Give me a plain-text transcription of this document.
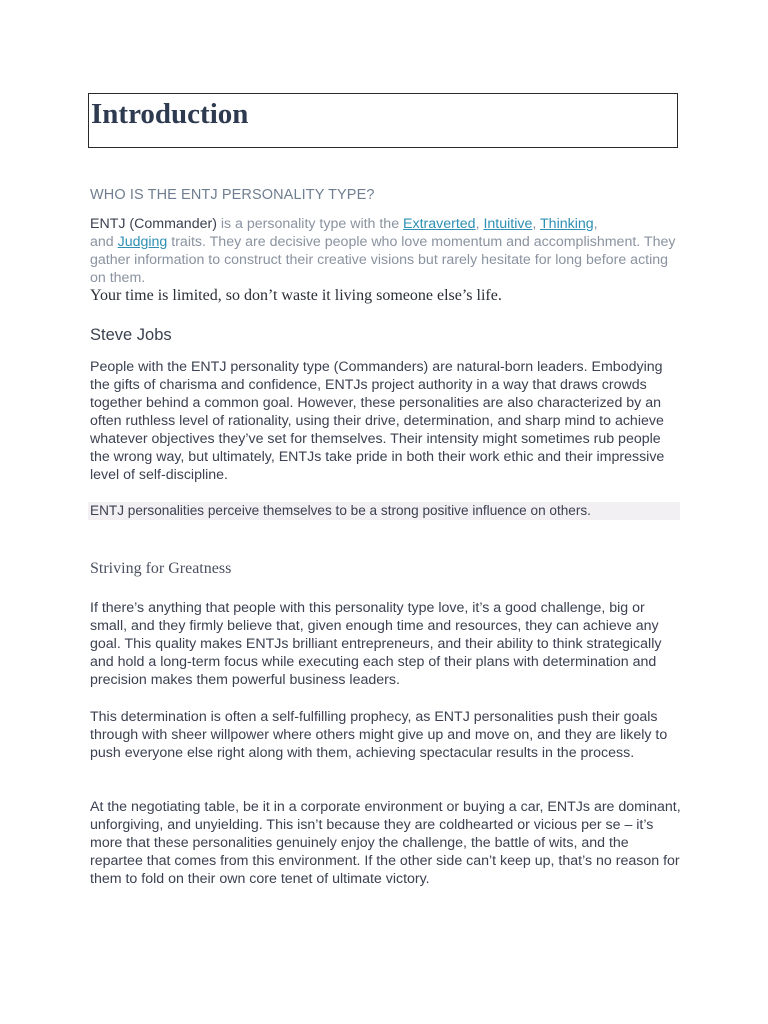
Introduction
WHO IS THE ENTJ PERSONALITY TYPE?
ENTJ (Commander) is a personality type with the Extraverted, Intuitive, Thinking,
and Judging traits. They are decisive people who love momentum and accomplishment. They gather information to construct their creative visions but rarely hesitate for long before acting on them.
Your time is limited, so don’t waste it living someone else’s life.
Steve Jobs
People with the ENTJ personality type (Commanders) are natural-born leaders. Embodying the gifts of charisma and confidence, ENTJs project authority in a way that draws crowds together behind a common goal. However, these personalities are also characterized by an often ruthless level of rationality, using their drive, determination, and sharp mind to achieve whatever objectives they’ve set for themselves. Their intensity might sometimes rub people the wrong way, but ultimately, ENTJs take pride in both their work ethic and their impressive level of self-discipline.
ENTJ personalities perceive themselves to be a strong positive influence on others.
Striving for Greatness
If there’s anything that people with this personality type love, it’s a good challenge, big or small, and they firmly believe that, given enough time and resources, they can achieve any goal. This quality makes ENTJs brilliant entrepreneurs, and their ability to think strategically and hold a long-term focus while executing each step of their plans with determination and precision makes them powerful business leaders.
This determination is often a self-fulfilling prophecy, as ENTJ personalities push their goals through with sheer willpower where others might give up and move on, and they are likely to push everyone else right along with them, achieving spectacular results in the process.
At the negotiating table, be it in a corporate environment or buying a car, ENTJs are dominant, unforgiving, and unyielding. This isn’t because they are coldhearted or vicious per se – it’s more that these personalities genuinely enjoy the challenge, the battle of wits, and the repartee that comes from this environment. If the other side can’t keep up, that’s no reason for them to fold on their own core tenet of ultimate victory.
